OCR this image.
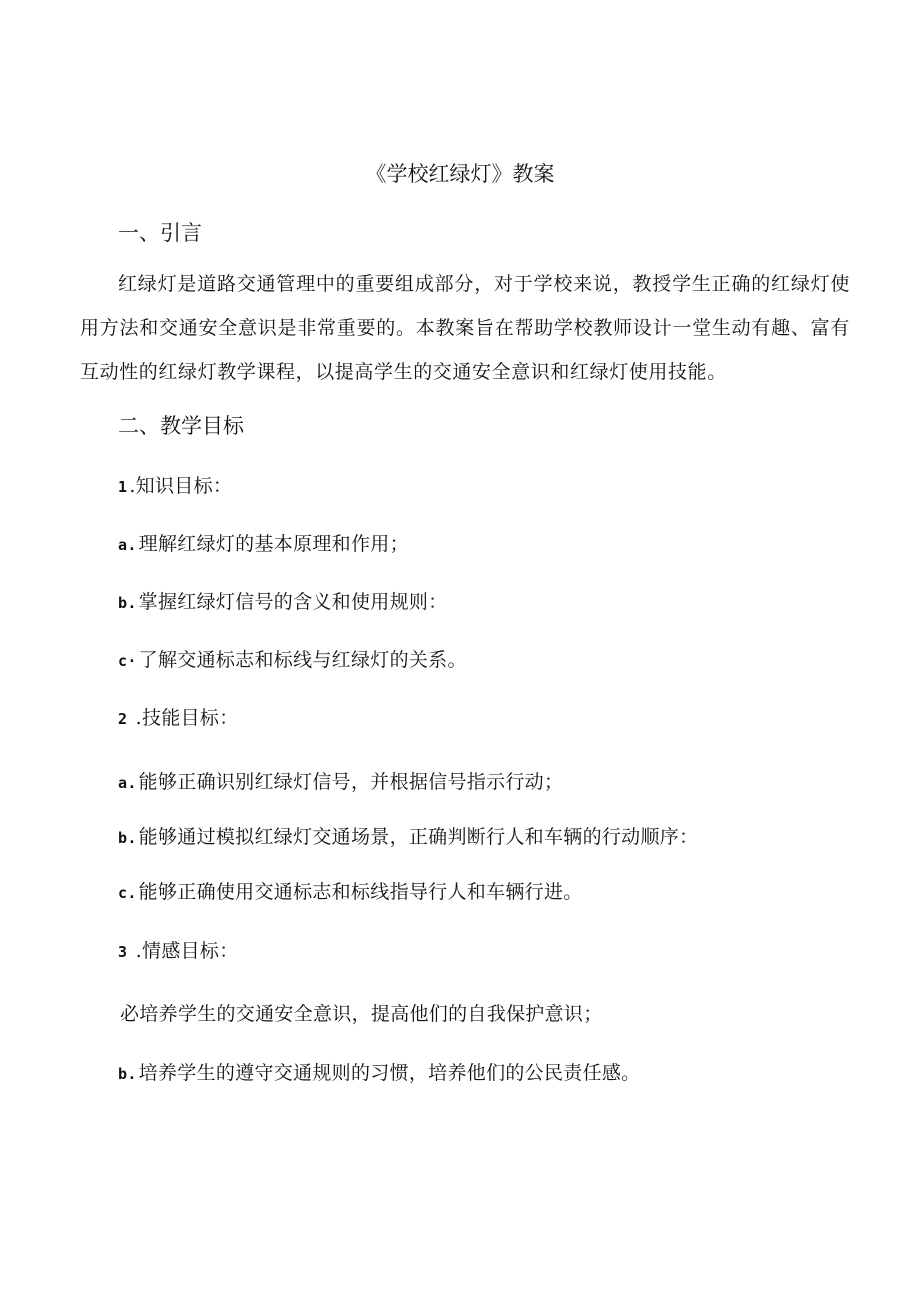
《学校红绿灯》教案
一、引言
红绿灯是道路交通管理中的重要组成部分，对于学校来说，教授学生正确的红绿灯使用方法和交通安全意识是非常重要的。本教案旨在帮助学校教师设计一堂生动有趣、富有互动性的红绿灯教学课程，以提高学生的交通安全意识和红绿灯使用技能。
二、教学目标
1 .知识目标：
a. 理解红绿灯的基本原理和作用；
b. 掌握红绿灯信号的含义和使用规则：
c· 了解交通标志和标线与红绿灯的关系。
2 .技能目标：
a. 能够正确识别红绿灯信号，并根据信号指示行动；
b. 能够通过模拟红绿灯交通场景，正确判断行人和车辆的行动顺序：
c. 能够正确使用交通标志和标线指导行人和车辆行进。
3 .情感目标：
必培养学生的交通安全意识，提高他们的自我保护意识；
b. 培养学生的遵守交通规则的习惯，培养他们的公民责任感。
